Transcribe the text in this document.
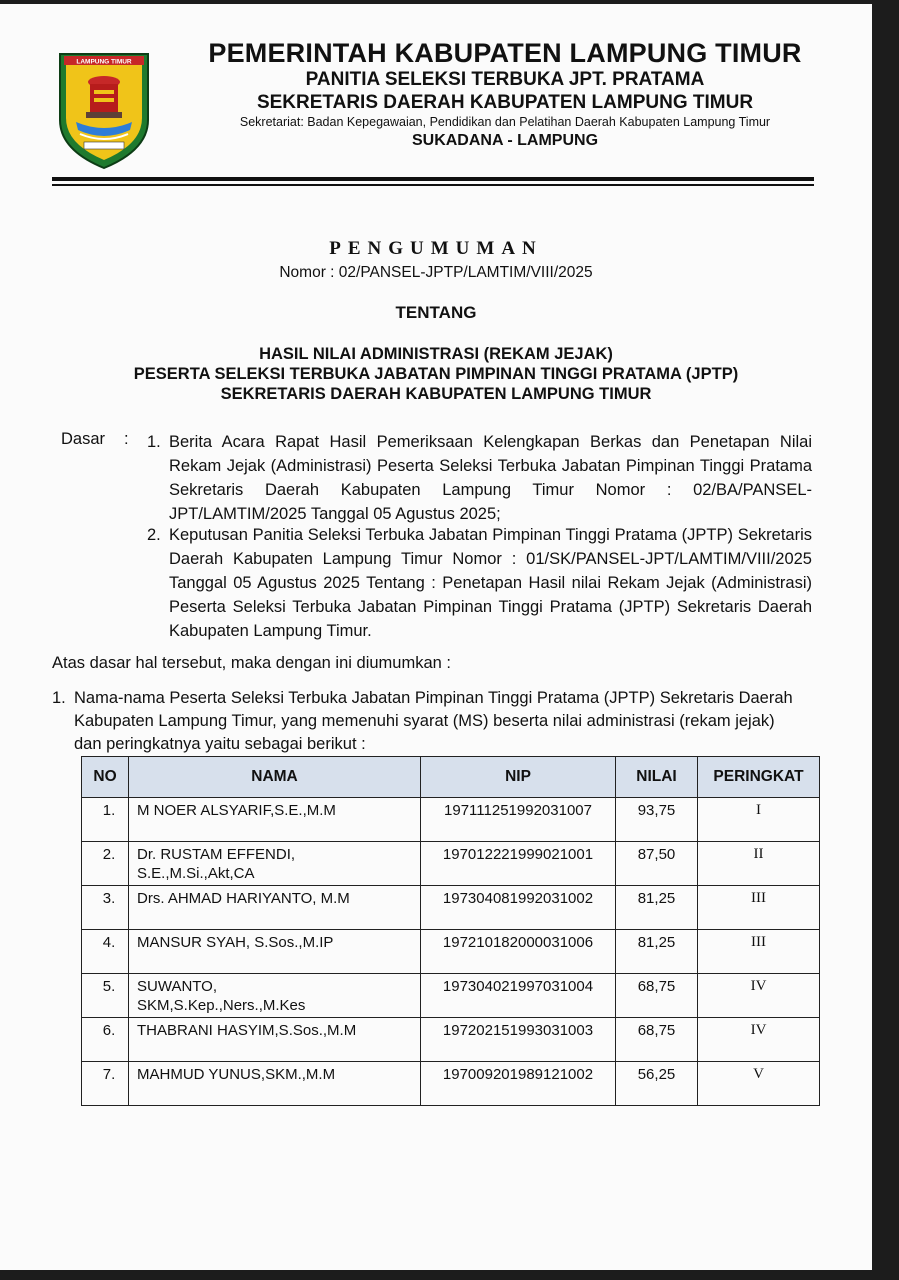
LAMPUNG TIMUR	PEMERINTAH KABUPATEN LAMPUNG TIMUR
PANITIA SELEKSI TERBUKA JPT. PRATAMA
SEKRETARIS DAERAH KABUPATEN LAMPUNG TIMUR
Sekretariat: Badan Kepegawaian, Pendidikan dan Pelatihan Daerah Kabupaten Lampung Timur
SUKADANA - LAMPUNG
PENGUMUMAN
Nomor : 02/PANSEL-JPTP/LAMTIM/VIII/2025
TENTANG
HASIL NILAI ADMINISTRASI (REKAM JEJAK)
PESERTA SELEKSI TERBUKA JABATAN PIMPINAN TINGGI PRATAMA (JPTP)
SEKRETARIS DAERAH KABUPATEN LAMPUNG TIMUR
Dasar : 1. Berita Acara Rapat Hasil Pemeriksaan Kelengkapan Berkas dan Penetapan Nilai Rekam Jejak (Administrasi) Peserta Seleksi Terbuka Jabatan Pimpinan Tinggi Pratama Sekretaris Daerah Kabupaten Lampung Timur Nomor : 02/BA/PANSEL-JPT/LAMTIM/2025 Tanggal 05 Agustus 2025;
2. Keputusan Panitia Seleksi Terbuka Jabatan Pimpinan Tinggi Pratama (JPTP) Sekretaris Daerah Kabupaten Lampung Timur Nomor : 01/SK/PANSEL-JPT/LAMTIM/VIII/2025 Tanggal 05 Agustus 2025 Tentang : Penetapan Hasil nilai Rekam Jejak (Administrasi) Peserta Seleksi Terbuka Jabatan Pimpinan Tinggi Pratama (JPTP) Sekretaris Daerah Kabupaten Lampung Timur.
Atas dasar hal tersebut, maka dengan ini diumumkan :
1. Nama-nama Peserta Seleksi Terbuka Jabatan Pimpinan Tinggi Pratama (JPTP) Sekretaris Daerah Kabupaten Lampung Timur, yang memenuhi syarat (MS) beserta nilai administrasi (rekam jejak) dan peringkatnya yaitu sebagai berikut :
NO	NAMA	NIP	NILAI	PERINGKAT
1.	M NOER ALSYARIF,S.E.,M.M	197111251992031007	93,75	I
2.	Dr. RUSTAM EFFENDI, S.E.,M.Si.,Akt,CA	197012221999021001	87,50	II
3.	Drs. AHMAD HARIYANTO, M.M	197304081992031002	81,25	III
4.	MANSUR SYAH, S.Sos.,M.IP	197210182000031006	81,25	III
5.	SUWANTO, SKM,S.Kep.,Ners.,M.Kes	197304021997031004	68,75	IV
6.	THABRANI HASYIM,S.Sos.,M.M	197202151993031003	68,75	IV
7.	MAHMUD YUNUS,SKM.,M.M	197009201989121002	56,25	V
